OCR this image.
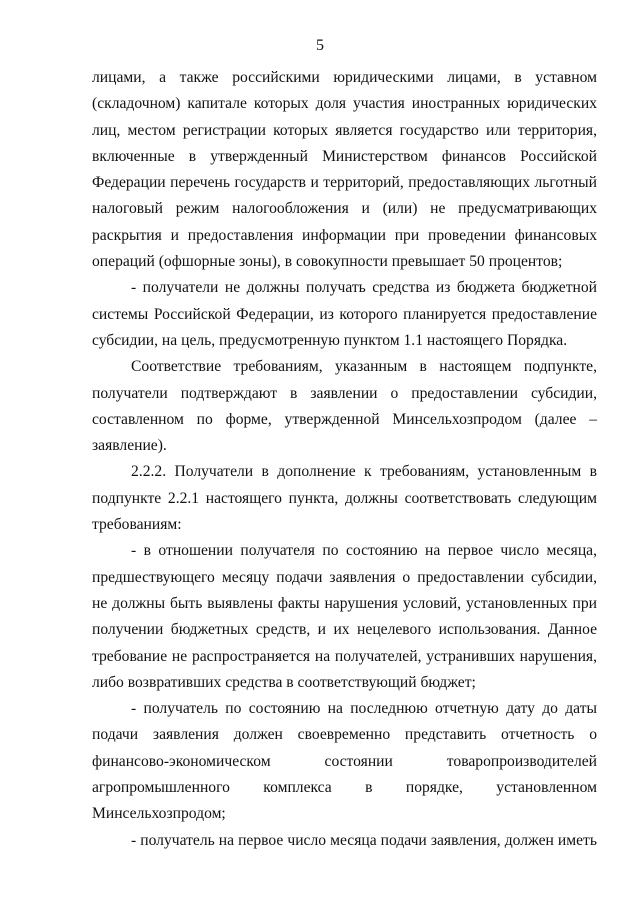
5

лицами, а также российскими юридическими лицами, в уставном (складочном) капитале которых доля участия иностранных юридических лиц, местом регистрации которых является государство или территория, включенные в утвержденный Министерством финансов Российской Федерации перечень государств и территорий, предоставляющих льготный налоговый режим налогообложения и (или) не предусматривающих раскрытия и предоставления информации при проведении финансовых операций (офшорные зоны), в совокупности превышает 50 процентов;

- получатели не должны получать средства из бюджета бюджетной системы Российской Федерации, из которого планируется предоставление субсидии, на цель, предусмотренную пунктом 1.1 настоящего Порядка.

Соответствие требованиям, указанным в настоящем подпункте, получатели подтверждают в заявлении о предоставлении субсидии, составленном по форме, утвержденной Минсельхозпродом (далее – заявление).

2.2.2. Получатели в дополнение к требованиям, установленным в подпункте 2.2.1 настоящего пункта, должны соответствовать следующим требованиям:

- в отношении получателя по состоянию на первое число месяца, предшествующего месяцу подачи заявления о предоставлении субсидии, не должны быть выявлены факты нарушения условий, установленных при получении бюджетных средств, и их нецелевого использования. Данное требование не распространяется на получателей, устранивших нарушения, либо возвративших средства в соответствующий бюджет;

- получатель по состоянию на последнюю отчетную дату до даты подачи заявления должен своевременно представить отчетность о финансово-экономическом состоянии товаропроизводителей агропромышленного комплекса в порядке, установленном Минсельхозпродом;

- получатель на первое число месяца подачи заявления, должен иметь
